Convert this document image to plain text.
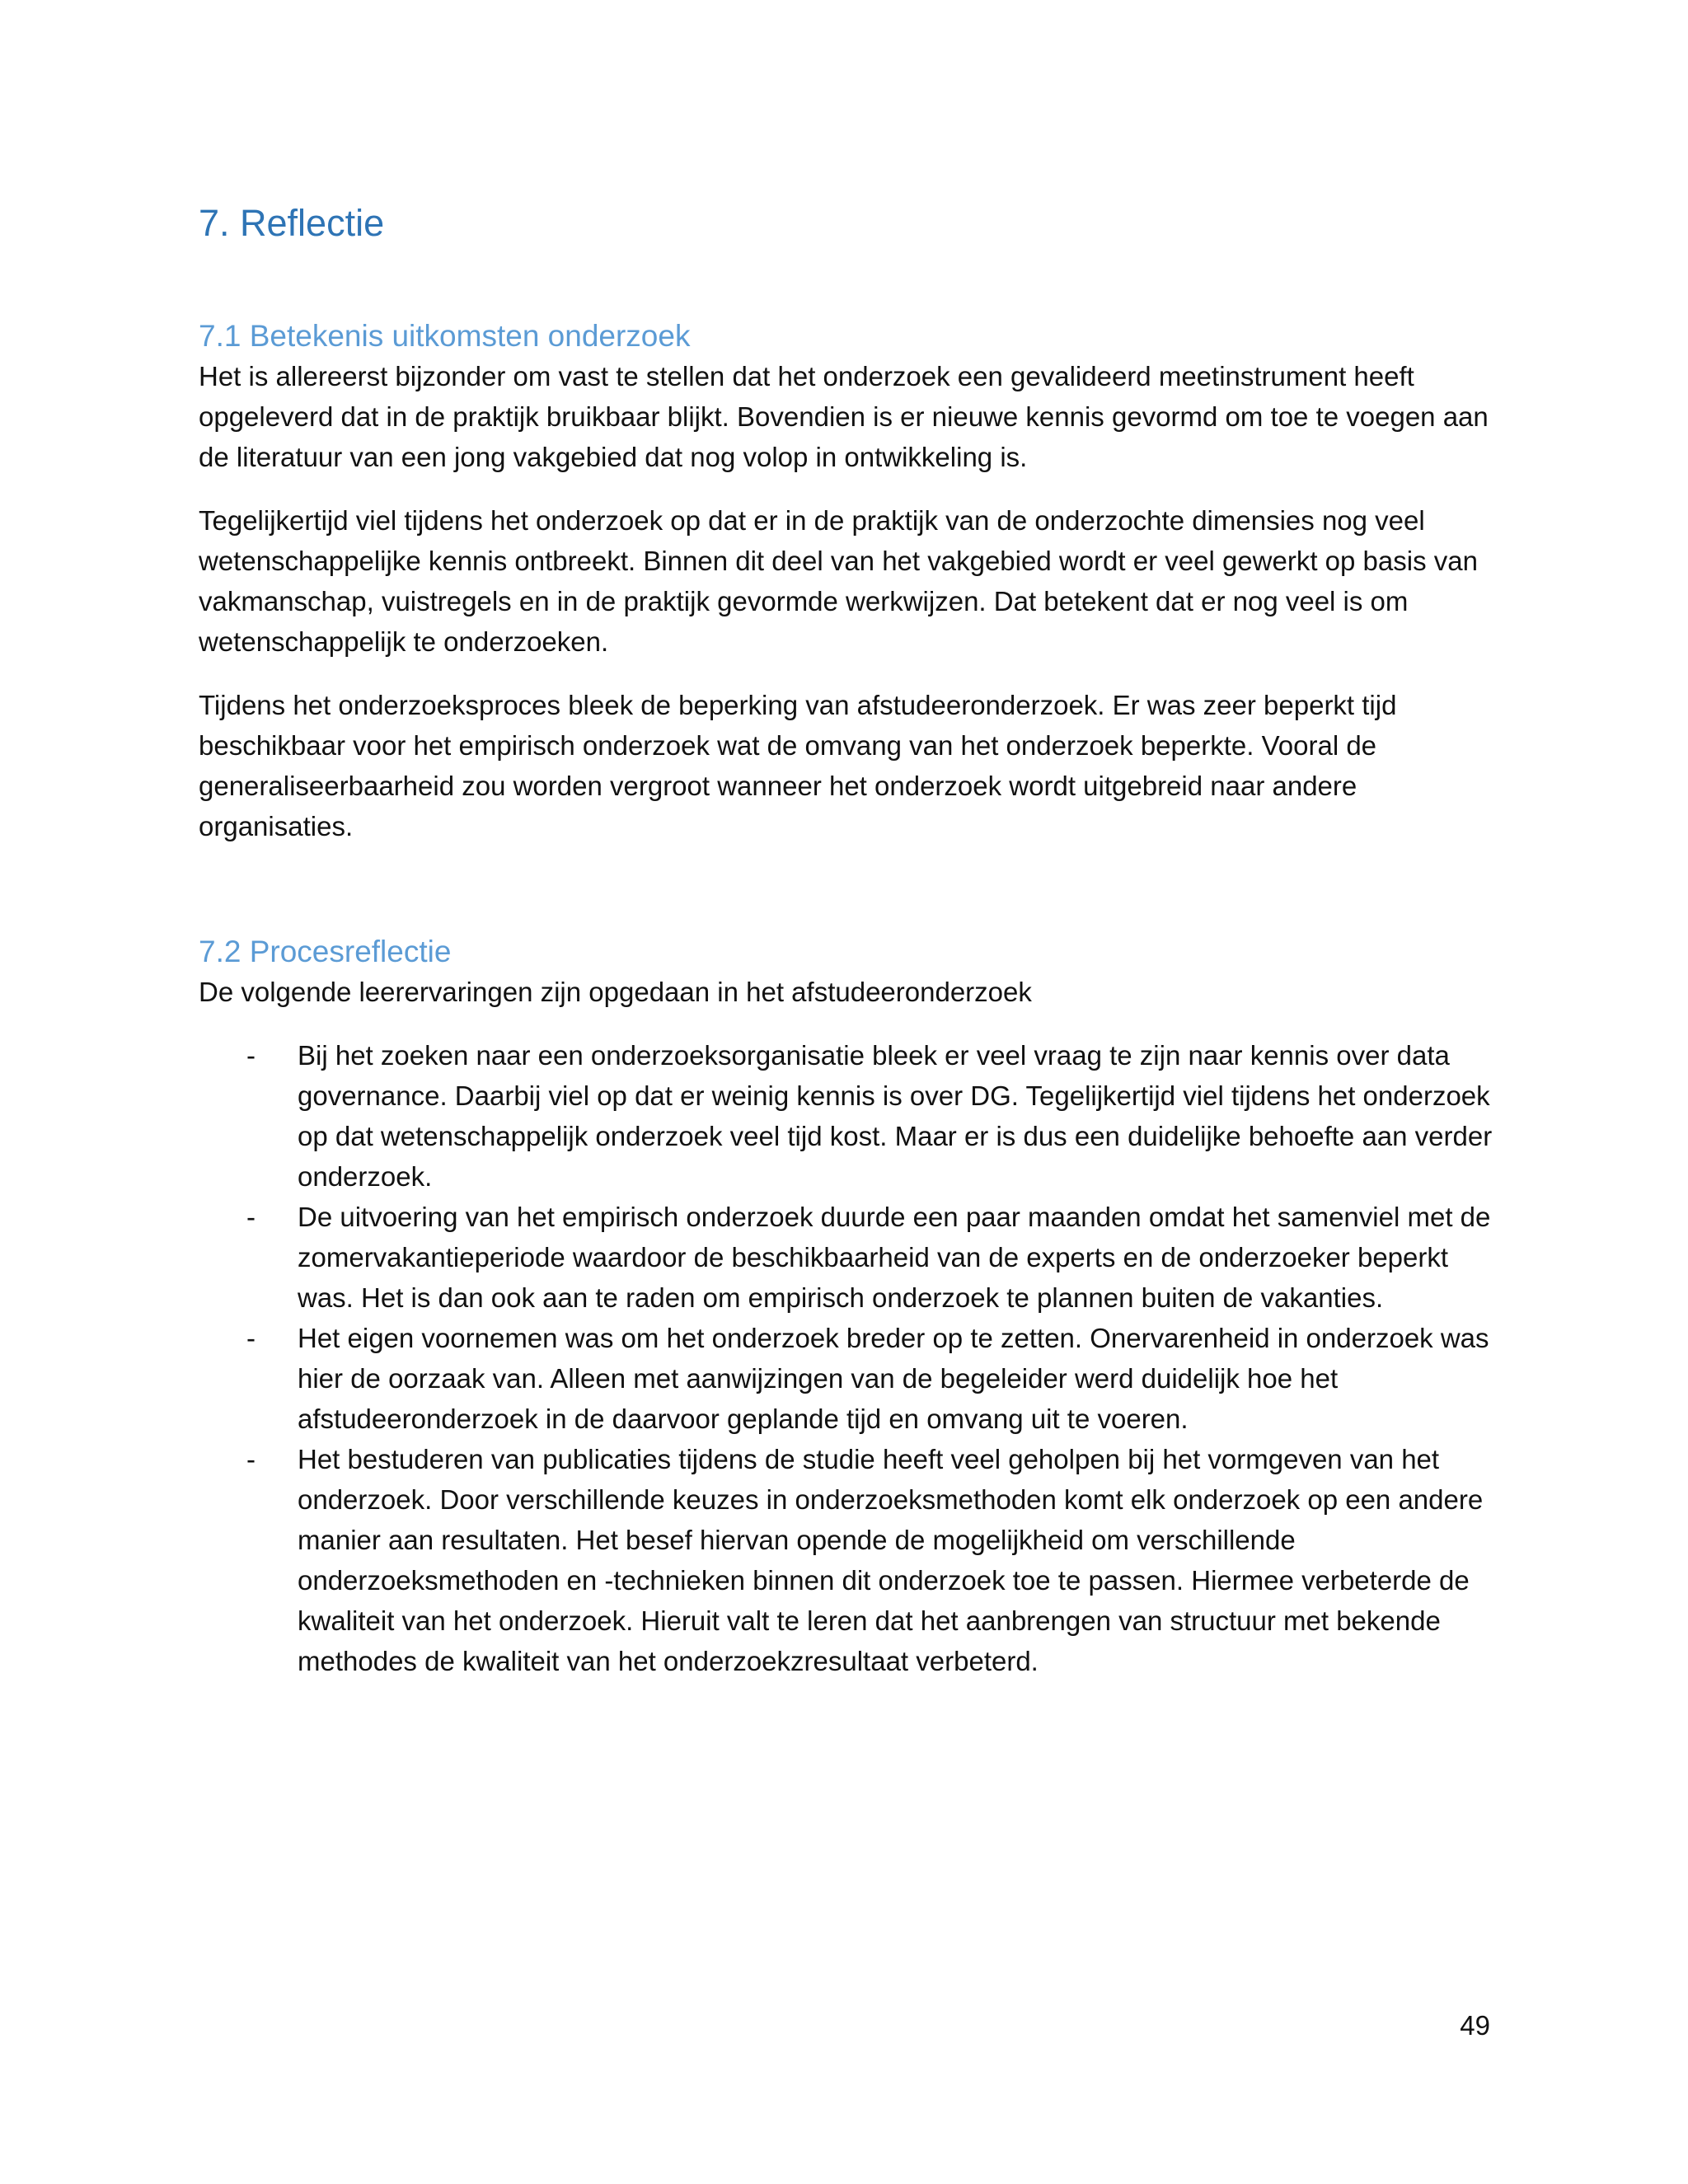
7. Reflectie
7.1 Betekenis uitkomsten onderzoek

Het is allereerst bijzonder om vast te stellen dat het onderzoek een gevalideerd meetinstrument heeft opgeleverd dat in de praktijk bruikbaar blijkt. Bovendien is er nieuwe kennis gevormd om toe te voegen aan de literatuur van een jong vakgebied dat nog volop in ontwikkeling is.

Tegelijkertijd viel tijdens het onderzoek op dat er in de praktijk van de onderzochte dimensies nog veel wetenschappelijke kennis ontbreekt. Binnen dit deel van het vakgebied wordt er veel gewerkt op basis van vakmanschap, vuistregels en in de praktijk gevormde werkwijzen. Dat betekent dat er nog veel is om wetenschappelijk te onderzoeken.

Tijdens het onderzoeksproces bleek de beperking van afstudeeronderzoek. Er was zeer beperkt tijd beschikbaar voor het empirisch onderzoek wat de omvang van het onderzoek beperkte. Vooral de generaliseerbaarheid zou worden vergroot wanneer het onderzoek wordt uitgebreid naar andere organisaties.

7.2 Procesreflectie

De volgende leerervaringen zijn opgedaan in het afstudeeronderzoek

- Bij het zoeken naar een onderzoeksorganisatie bleek er veel vraag te zijn naar kennis over data governance. Daarbij viel op dat er weinig kennis is over DG. Tegelijkertijd viel tijdens het onderzoek op dat wetenschappelijk onderzoek veel tijd kost. Maar er is dus een duidelijke behoefte aan verder onderzoek.
- De uitvoering van het empirisch onderzoek duurde een paar maanden omdat het samenviel met de zomervakantieperiode waardoor de beschikbaarheid van de experts en de onderzoeker beperkt was. Het is dan ook aan te raden om empirisch onderzoek te plannen buiten de vakanties.
- Het eigen voornemen was om het onderzoek breder op te zetten. Onervarenheid in onderzoek was hier de oorzaak van. Alleen met aanwijzingen van de begeleider werd duidelijk hoe het afstudeeronderzoek in de daarvoor geplande tijd en omvang uit te voeren.
- Het bestuderen van publicaties tijdens de studie heeft veel geholpen bij het vormgeven van het onderzoek. Door verschillende keuzes in onderzoeksmethoden komt elk onderzoek op een andere manier aan resultaten. Het besef hiervan opende de mogelijkheid om verschillende onderzoeksmethoden en -technieken binnen dit onderzoek toe te passen. Hiermee verbeterde de kwaliteit van het onderzoek. Hieruit valt te leren dat het aanbrengen van structuur met bekende methodes de kwaliteit van het onderzoekzresultaat verbeterd.
49
